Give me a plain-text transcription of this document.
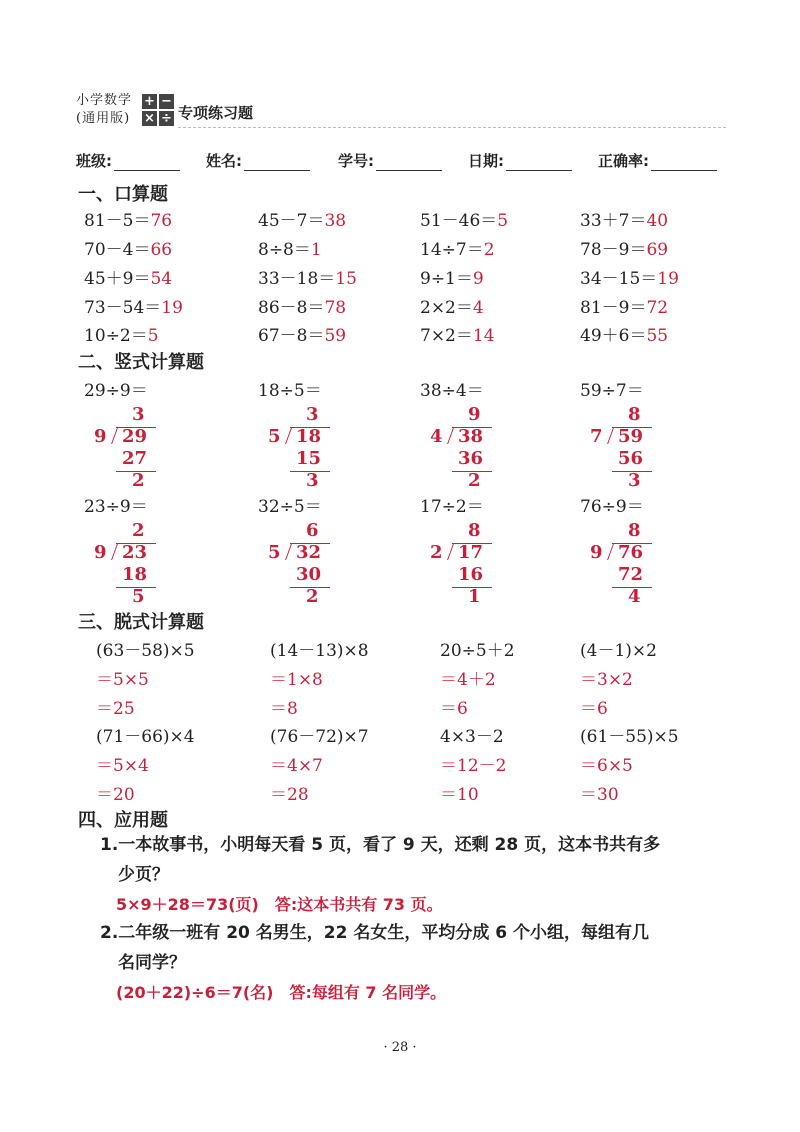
小学数学
(通用版)
+ −
× ÷ 专项练习题
班级:	姓名:	学号:	日期:	正确率:
一、口算题
81－5＝76	45－7＝38	51－46＝5	33＋7＝40
70－4＝66	8÷8＝1	14÷7＝2	78－9＝69
45＋9＝54	33－18＝15	9÷1＝9	34－15＝19
73－54＝19	86－8＝78	2×2＝4	81－9＝72
10÷2＝5	67－8＝59	7×2＝14	49＋6＝55
二、竖式计算题
29÷9＝
3
9 29
27
2
18÷5＝
3
5 18
15
3
38÷4＝
9
4 38
36
2
59÷7＝
8
7 59
56
3
23÷9＝
2
9 23
18
5
32÷5＝
6
5 32
30
2
17÷2＝
8
2 17
16
1
76÷9＝
8
9 76
72
4
三、脱式计算题
(63－58)×5
＝5×5
＝25
(14－13)×8
＝1×8
＝8
20÷5＋2
＝4＋2
＝6
(4－1)×2
＝3×2
＝6
(71－66)×4
＝5×4
＝20
(76－72)×7
＝4×7
＝28
4×3－2
＝12－2
＝10
(61－55)×5
＝6×5
＝30
四、应用题
1.一本故事书，小明每天看 5 页，看了 9 天，还剩 28 页，这本书共有多
少页？
5×9＋28＝73(页)　答:这本书共有 73 页。
2.二年级一班有 20 名男生，22 名女生，平均分成 6 个小组，每组有几
名同学？
(20＋22)÷6＝7(名)　答:每组有 7 名同学。
· 28 ·
